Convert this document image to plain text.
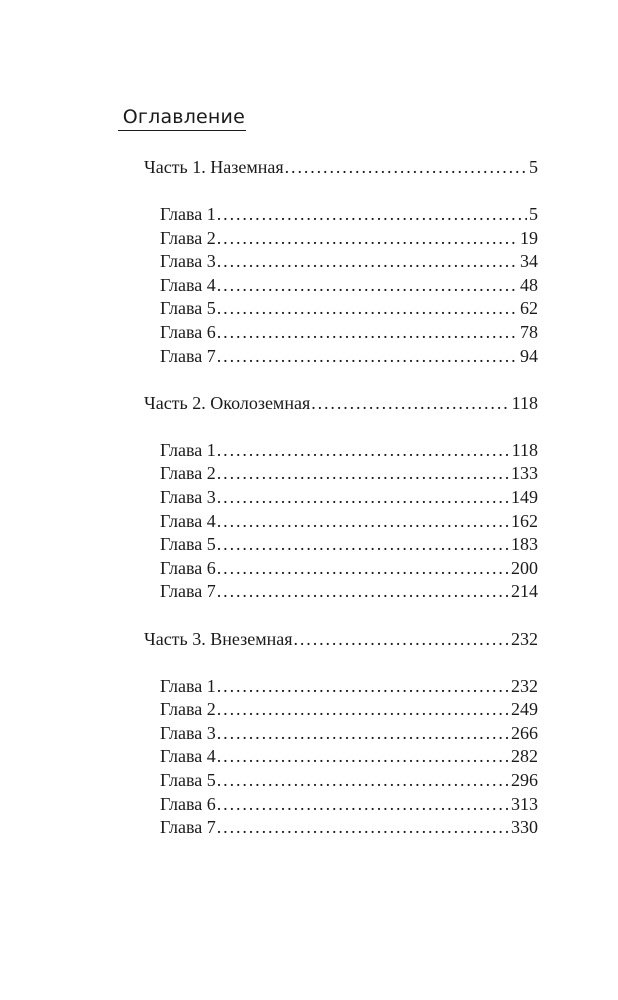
Оглавление
Часть 1. Наземная .....	5
Глава 1 .....	5
Глава 2 .....	19
Глава 3 .....	34
Глава 4 .....	48
Глава 5 .....	62
Глава 6 .....	78
Глава 7 .....	94
Часть 2. Околоземная .....	118
Глава 1 .....	118
Глава 2 .....	133
Глава 3 .....	149
Глава 4 .....	162
Глава 5 .....	183
Глава 6 .....	200
Глава 7 .....	214
Часть 3. Внеземная .....	232
Глава 1 .....	232
Глава 2 .....	249
Глава 3 .....	266
Глава 4 .....	282
Глава 5 .....	296
Глава 6 .....	313
Глава 7 .....	330
